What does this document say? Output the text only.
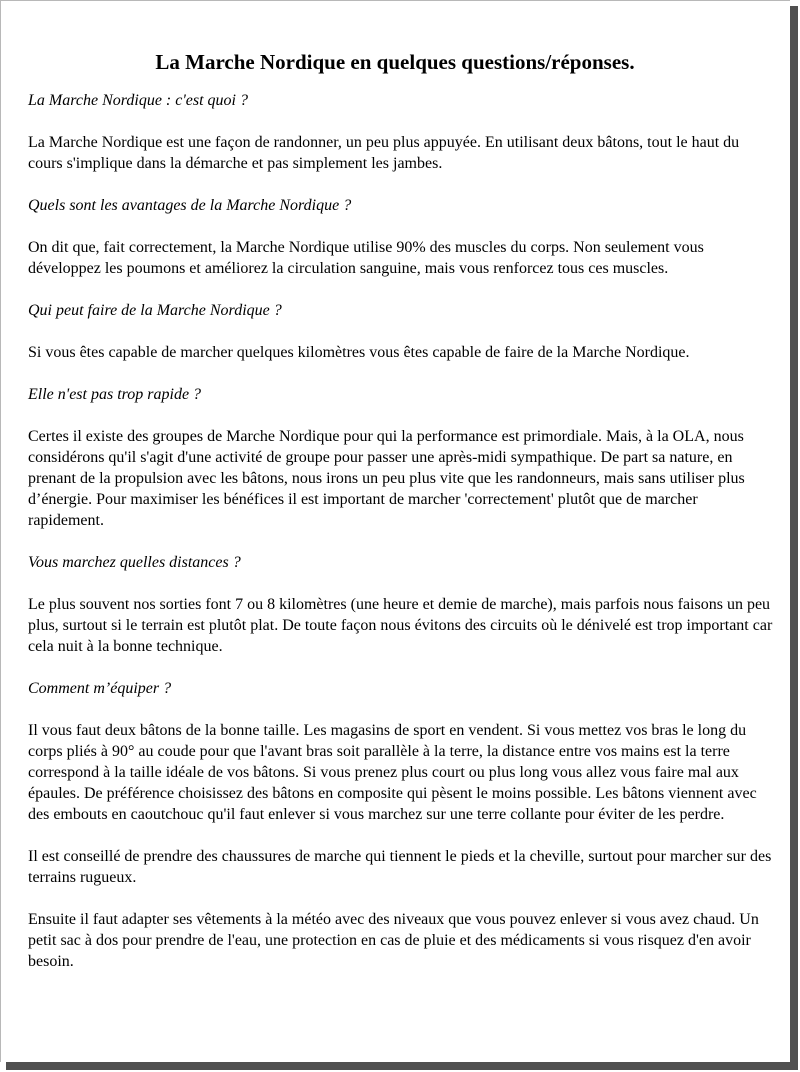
La Marche Nordique en quelques questions/réponses.

La Marche Nordique : c'est quoi ?

La Marche Nordique est une façon de randonner, un peu plus appuyée. En utilisant deux bâtons, tout le haut du cours s'implique dans la démarche et pas simplement les jambes.

Quels sont les avantages de la Marche Nordique ?

On dit que, fait correctement, la Marche Nordique utilise 90% des muscles du corps. Non seulement vous développez les poumons et améliorez la circulation sanguine, mais vous renforcez tous ces muscles.

Qui peut faire de la Marche Nordique ?

Si vous êtes capable de marcher quelques kilomètres vous êtes capable de faire de la Marche Nordique.

Elle n'est pas trop rapide ?

Certes il existe des groupes de Marche Nordique pour qui la performance est primordiale. Mais, à la OLA, nous considérons qu'il s'agit d'une activité de groupe pour passer une après-midi sympathique. De part sa nature, en prenant de la propulsion avec les bâtons, nous irons un peu plus vite que les randonneurs, mais sans utiliser plus d’énergie. Pour maximiser les bénéfices il est important de marcher 'correctement' plutôt que de marcher rapidement.

Vous marchez quelles distances ?

Le plus souvent nos sorties font 7 ou 8 kilomètres (une heure et demie de marche), mais parfois nous faisons un peu plus, surtout si le terrain est plutôt plat. De toute façon nous évitons des circuits où le dénivelé est trop important car cela nuit à la bonne technique.

Comment m’équiper ?

Il vous faut deux bâtons de la bonne taille. Les magasins de sport en vendent. Si vous mettez vos bras le long du corps pliés à 90° au coude pour que l'avant bras soit parallèle à la terre, la distance entre vos mains est la terre correspond à la taille idéale de vos bâtons. Si vous prenez plus court ou plus long vous allez vous faire mal aux épaules. De préférence choisissez des bâtons en composite qui pèsent le moins possible. Les bâtons viennent avec des embouts en caoutchouc qu'il faut enlever si vous marchez sur une terre collante pour éviter de les perdre.

Il est conseillé de prendre des chaussures de marche qui tiennent le pieds et la cheville, surtout pour marcher sur des terrains rugueux.

Ensuite il faut adapter ses vêtements à la météo avec des niveaux que vous pouvez enlever si vous avez chaud. Un petit sac à dos pour prendre de l'eau, une protection en cas de pluie et des médicaments si vous risquez d'en avoir besoin.
